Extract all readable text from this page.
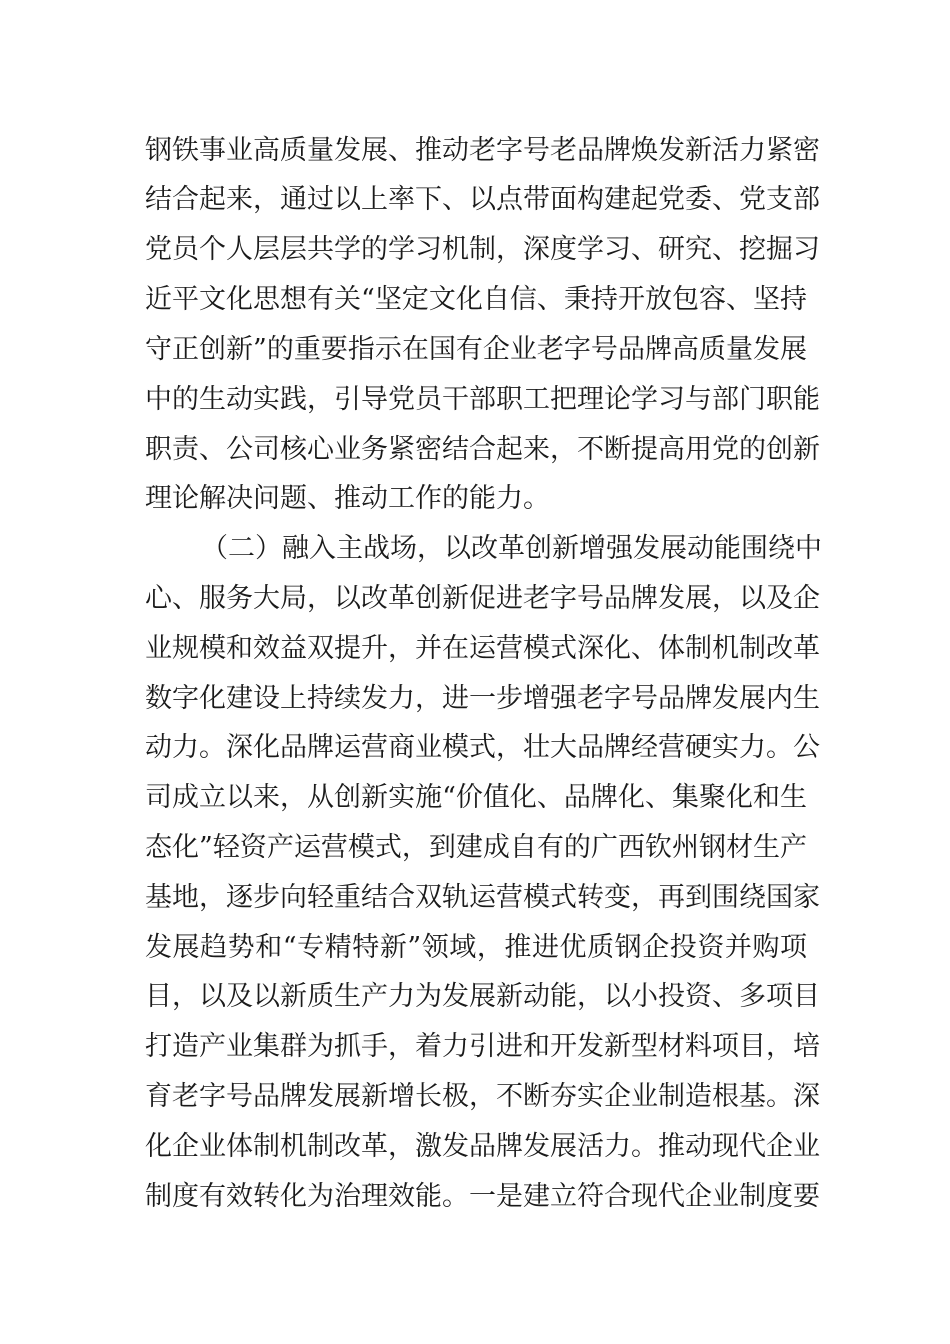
钢铁事业高质量发展、推动老字号老品牌焕发新活力紧密
结合起来，通过以上率下、以点带面构建起党委、党支部
党员个人层层共学的学习机制，深度学习、研究、挖掘习
近平文化思想有关“坚定文化自信、秉持开放包容、坚持
守正创新”的重要指示在国有企业老字号品牌高质量发展
中的生动实践，引导党员干部职工把理论学习与部门职能
职责、公司核心业务紧密结合起来，不断提高用党的创新
理论解决问题、推动工作的能力。
（二）融入主战场，以改革创新增强发展动能围绕中
心、服务大局，以改革创新促进老字号品牌发展，以及企
业规模和效益双提升，并在运营模式深化、体制机制改革
数字化建设上持续发力，进一步增强老字号品牌发展内生
动力。深化品牌运营商业模式，壮大品牌经营硬实力。公
司成立以来，从创新实施“价值化、品牌化、集聚化和生
态化”轻资产运营模式，到建成自有的广西钦州钢材生产
基地，逐步向轻重结合双轨运营模式转变，再到围绕国家
发展趋势和“专精特新”领域，推进优质钢企投资并购项
目，以及以新质生产力为发展新动能，以小投资、多项目
打造产业集群为抓手，着力引进和开发新型材料项目，培
育老字号品牌发展新增长极，不断夯实企业制造根基。深
化企业体制机制改革，激发品牌发展活力。推动现代企业
制度有效转化为治理效能。一是建立符合现代企业制度要
